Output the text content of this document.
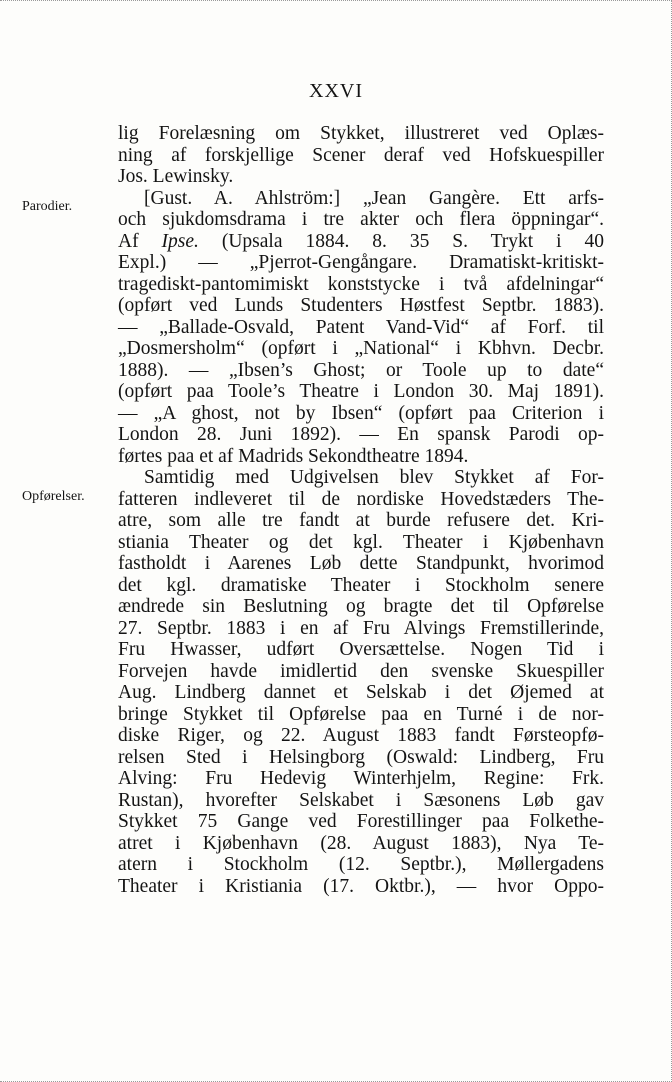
XXVI
Parodier.
Opførelser.
lig Forelæsning om Stykket, illustreret ved Oplæs-
ning af forskjellige Scener deraf ved Hofskuespiller
Jos. Lewinsky.
[Gust. A. Ahlström:] „Jean Gangère. Ett arfs-
och sjukdomsdrama i tre akter och flera öppningar“.
Af Ipse. (Upsala 1884. 8. 35 S. Trykt i 40
Expl.) — „Pjerrot-Gengångare. Dramatiskt-kritiskt-
tragediskt-pantomimiskt konststycke i två afdelningar“
(opført ved Lunds Studenters Høstfest Septbr. 1883).
— „Ballade-Osvald, Patent Vand-Vid“ af Forf. til
„Dosmersholm“ (opført i „National“ i Kbhvn. Decbr.
1888). — „Ibsen’s Ghost; or Toole up to date“
(opført paa Toole’s Theatre i London 30. Maj 1891).
— „A ghost, not by Ibsen“ (opført paa Criterion i
London 28. Juni 1892). — En spansk Parodi op-
førtes paa et af Madrids Sekondtheatre 1894.
Samtidig med Udgivelsen blev Stykket af For-
fatteren indleveret til de nordiske Hovedstæders The-
atre, som alle tre fandt at burde refusere det. Kri-
stiania Theater og det kgl. Theater i Kjøbenhavn
fastholdt i Aarenes Løb dette Standpunkt, hvorimod
det kgl. dramatiske Theater i Stockholm senere
ændrede sin Beslutning og bragte det til Opførelse
27. Septbr. 1883 i en af Fru Alvings Fremstillerinde,
Fru Hwasser, udført Oversættelse. Nogen Tid i
Forvejen havde imidlertid den svenske Skuespiller
Aug. Lindberg dannet et Selskab i det Øjemed at
bringe Stykket til Opførelse paa en Turné i de nor-
diske Riger, og 22. August 1883 fandt Førsteopfø-
relsen Sted i Helsingborg (Oswald: Lindberg, Fru
Alving: Fru Hedevig Winterhjelm, Regine: Frk.
Rustan), hvorefter Selskabet i Sæsonens Løb gav
Stykket 75 Gange ved Forestillinger paa Folkethe-
atret i Kjøbenhavn (28. August 1883), Nya Te-
atern i Stockholm (12. Septbr.), Møllergadens
Theater i Kristiania (17. Oktbr.), — hvor Oppo-
